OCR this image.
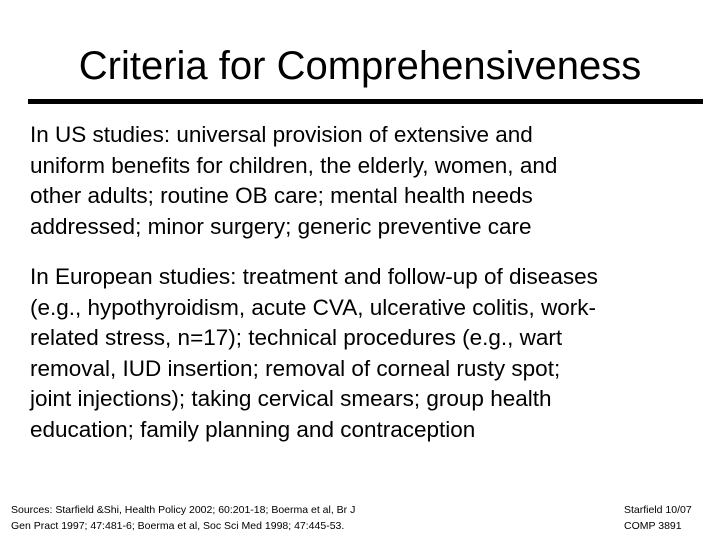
Criteria for Comprehensiveness
In US studies: universal provision of extensive and
uniform benefits for children, the elderly, women, and
other adults; routine OB care; mental health needs
addressed; minor surgery; generic preventive care
In European studies: treatment and follow-up of diseases
(e.g., hypothyroidism, acute CVA, ulcerative colitis, work-
related stress, n=17); technical procedures (e.g., wart
removal, IUD insertion; removal of corneal rusty spot;
joint injections); taking cervical smears; group health
education; family planning and contraception
Sources: Starfield &Shi, Health Policy 2002; 60:201-18; Boerma et al, Br J
Gen Pract 1997; 47:481-6; Boerma et al, Soc Sci Med 1998; 47:445-53.
Starfield 10/07
COMP 3891
